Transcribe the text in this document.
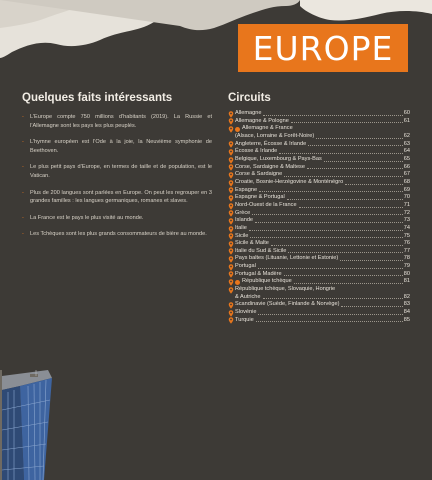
EUROPE
Quelques faits intéressants
- L’Europe compte 750 millions d’habitants (2019). La Russie et l’Allemagne sont les pays les plus peuplés.
- L’hymne européen est l’Ode à la joie, la Neuvième symphonie de Beethoven.
- Le plus petit pays d’Europe, en termes de taille et de population, est le Vatican.
- Plus de 200 langues sont parlées en Europe. On peut les regrouper en 3 grandes familles : les langues germaniques, romanes et slaves.
- La France est le pays le plus visité au monde.
- Les Tchèques sont les plus grands consommateurs de bière au monde.
Circuits
Allemagne	60
Allemagne & Pologne	61
Allemagne & France
(Alsace, Lorraine & Forêt-Noire)	62
Angleterre, Écosse & Irlande	63
Écosse & Irlande	64
Belgique, Luxembourg & Pays-Bas	65
Corse, Sardaigne & Maltese	66
Corse & Sardaigne	67
Croatie, Bosnie-Herzégovine & Monténégro	68
Espagne	69
Espagne & Portugal	70
Nord-Ouest de la France	71
Grèce	72
Islande	73
Italie	74
Sicile	75
Sicile & Malte	76
Italie du Sud & Sicile	77
Pays baltes (Lituanie, Lettonie et Estonie)	78
Portugal	79
Portugal & Madère	80
République tchèque	81
République tchèque, Slovaquie, Hongrie
& Autriche	82
Scandinavie (Suède, Finlande & Norvège)	83
Slovénie	84
Turquie	85
